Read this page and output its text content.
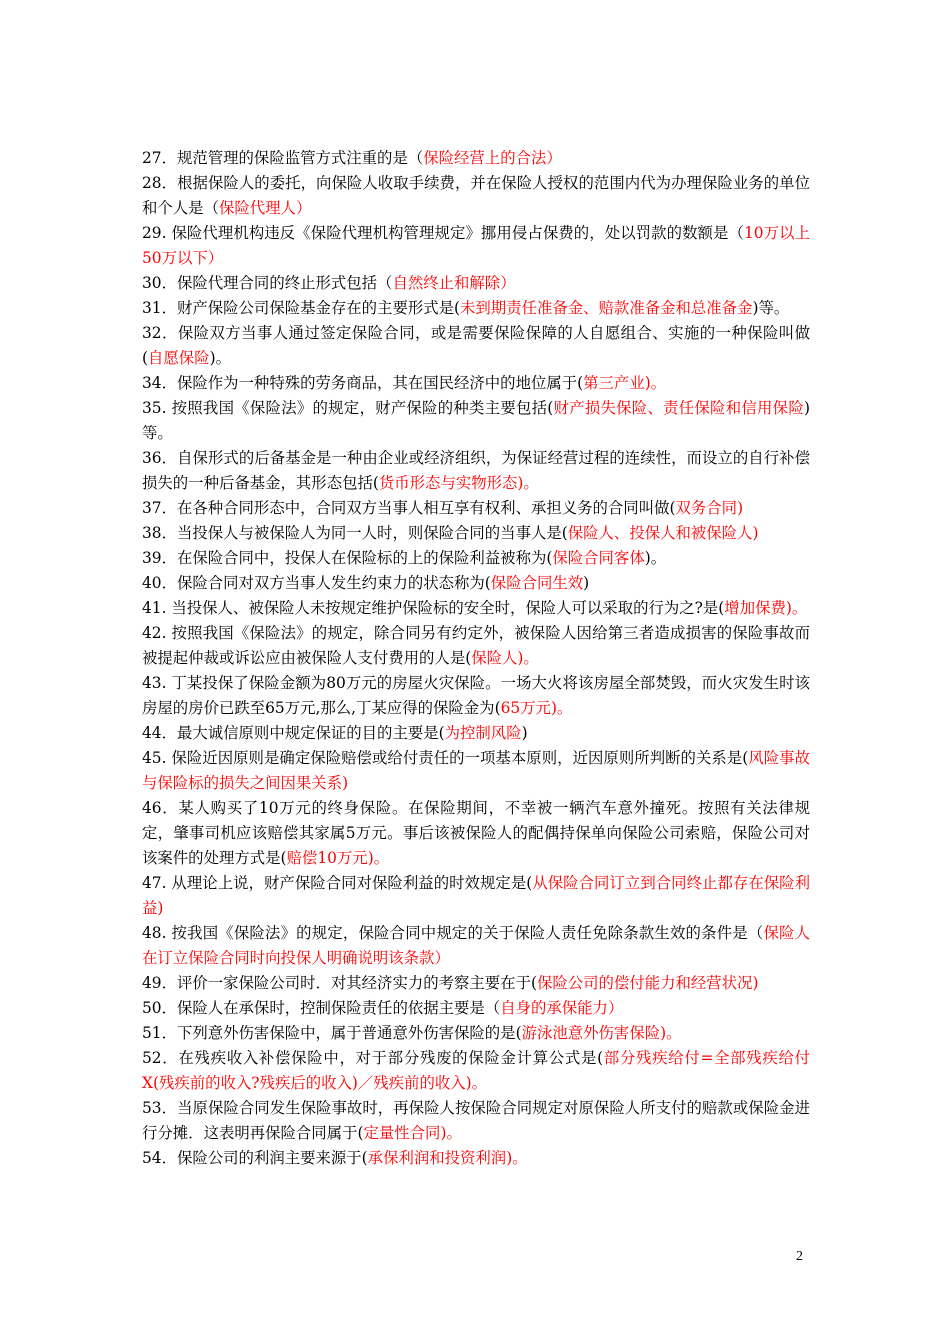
27．规范管理的保险监管方式注重的是（保险经营上的合法）

28．根据保险人的委托，向保险人收取手续费，并在保险人授权的范围内代为办理保险业务的单位和个人是（保险代理人）

29. 保险代理机构违反《保险代理机构管理规定》挪用侵占保费的，处以罚款的数额是（10万以上50万以下）

30．保险代理合同的终止形式包括（自然终止和解除）

31．财产保险公司保险基金存在的主要形式是(未到期责任准备金、赔款准备金和总准备金)等。

32．保险双方当事人通过签定保险合同，或是需要保险保障的人自愿组合、实施的一种保险叫做(自愿保险)。

34．保险作为一种特殊的劳务商品，其在国民经济中的地位属于(第三产业)。

35. 按照我国《保险法》的规定，财产保险的种类主要包括(财产损失保险、责任保险和信用保险)等。

36．自保形式的后备基金是一种由企业或经济组织，为保证经营过程的连续性，而设立的自行补偿损失的一种后备基金，其形态包括(货币形态与实物形态)。

37．在各种合同形态中，合同双方当事人相互享有权利、承担义务的合同叫做(双务合同)

38．当投保人与被保险人为同一人时，则保险合同的当事人是(保险人、投保人和被保险人)

39．在保险合同中，投保人在保险标的上的保险利益被称为(保险合同客体)。

40．保险合同对双方当事人发生约束力的状态称为(保险合同生效)

41. 当投保人、被保险人未按规定维护保险标的安全时，保险人可以采取的行为之?是(增加保费)。

42. 按照我国《保险法》的规定，除合同另有约定外，被保险人因给第三者造成损害的保险事故而被提起仲裁或诉讼应由被保险人支付费用的人是(保险人)。

43. 丁某投保了保险金额为80万元的房屋火灾保险。一场大火将该房屋全部焚毁，而火灾发生时该房屋的房价已跌至65万元,那么,丁某应得的保险金为(65万元)。

44．最大诚信原则中规定保证的目的主要是(为控制风险)

45. 保险近因原则是确定保险赔偿或给付责任的一项基本原则，近因原则所判断的关系是(风险事故与保险标的损失之间因果关系)

46．某人购买了10万元的终身保险。在保险期间，不幸被一辆汽车意外撞死。按照有关法律规定，肇事司机应该赔偿其家属5万元。事后该被保险人的配偶持保单向保险公司索赔，保险公司对该案件的处理方式是(赔偿10万元)。

47. 从理论上说，财产保险合同对保险利益的时效规定是(从保险合同订立到合同终止都存在保险利益)

48. 按我国《保险法》的规定，保险合同中规定的关于保险人责任免除条款生效的条件是（保险人在订立保险合同时向投保人明确说明该条款）

49．评价一家保险公司时．对其经济实力的考察主要在于(保险公司的偿付能力和经营状况)

50．保险人在承保时，控制保险责任的依据主要是（自身的承保能力）

51．下列意外伤害保险中，属于普通意外伤害保险的是(游泳池意外伤害保险)。

52．在残疾收入补偿保险中，对于部分残废的保险金计算公式是(部分残疾给付=全部残疾给付X(残疾前的收入?残疾后的收入)／残疾前的收入)。

53．当原保险合同发生保险事故时，再保险人按保险合同规定对原保险人所支付的赔款或保险金进行分摊．这表明再保险合同属于(定量性合同)。

54．保险公司的利润主要来源于(承保利润和投资利润)。

2
